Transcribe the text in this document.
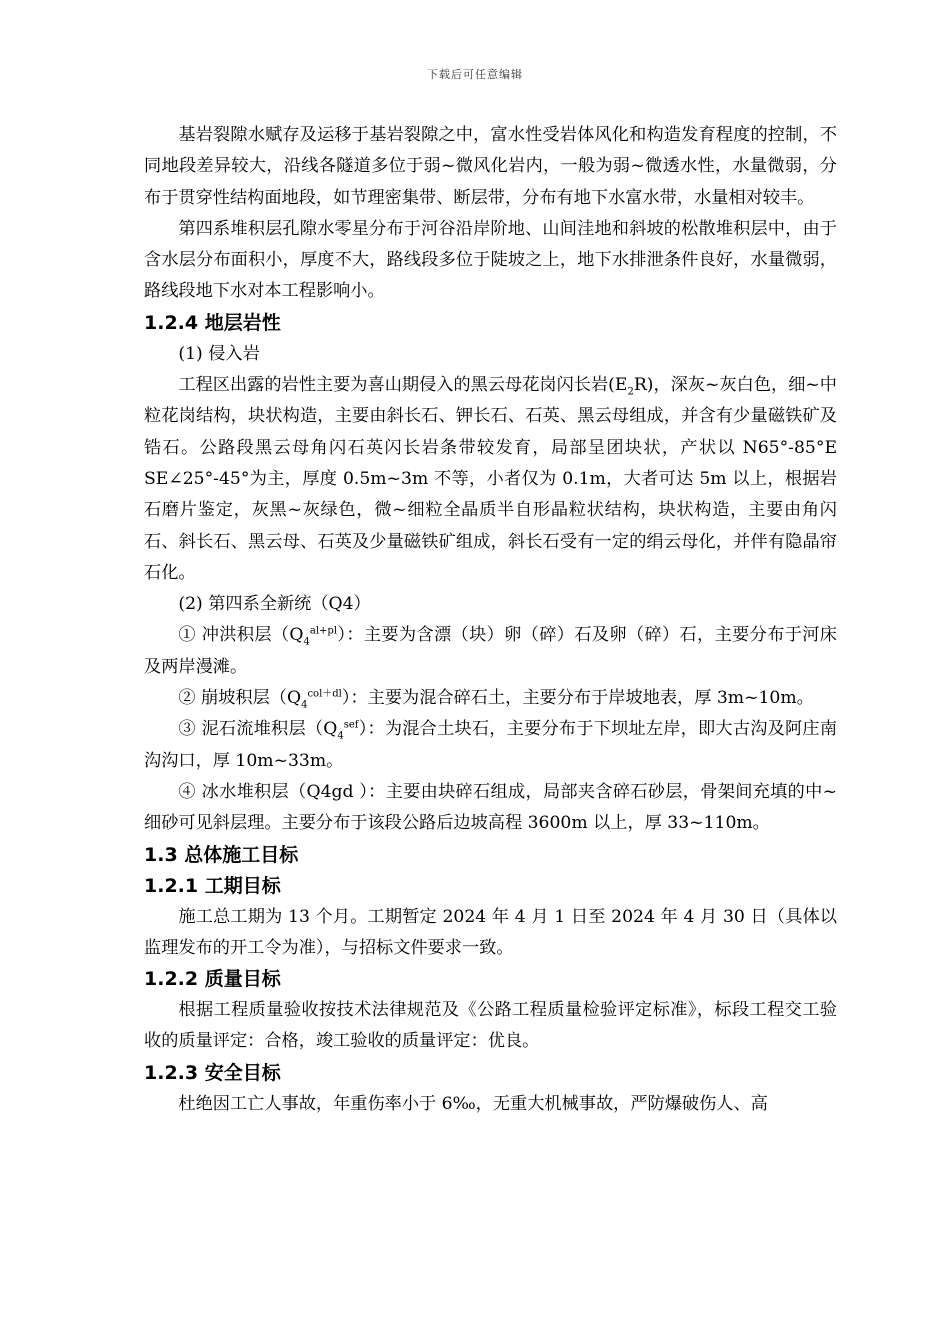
下载后可任意编辑

基岩裂隙水赋存及运移于基岩裂隙之中，富水性受岩体风化和构造发育程度的控制，不同地段差异较大，沿线各隧道多位于弱~微风化岩内，一般为弱~微透水性，水量微弱，分布于贯穿性结构面地段，如节理密集带、断层带，分布有地下水富水带，水量相对较丰。

第四系堆积层孔隙水零星分布于河谷沿岸阶地、山间洼地和斜坡的松散堆积层中，由于含水层分布面积小，厚度不大，路线段多位于陡坡之上，地下水排泄条件良好，水量微弱，路线段地下水对本工程影响小。

1.2.4 地层岩性

(1) 侵入岩

工程区出露的岩性主要为喜山期侵入的黑云母花岗闪长岩$(E_2R)$，深灰~灰白色，细~中粒花岗结构，块状构造，主要由斜长石、钾长石、石英、黑云母组成，并含有少量磁铁矿及锆石。公路段黑云母角闪石英闪长岩条带较发育，局部呈团块状，产状以 N65°-85°E SE∠25°-45°为主，厚度 0.5m~3m 不等，小者仅为 0.1m，大者可达 5m 以上，根据岩石磨片鉴定，灰黑~灰绿色，微~细粒全晶质半自形晶粒状结构，块状构造，主要由角闪石、斜长石、黑云母、石英及少量磁铁矿组成，斜长石受有一定的绢云母化，并伴有隐晶帘石化。

(2) 第四系全新统（Q4）

① 冲洪积层$(Q_4^{al+pl})$：主要为含漂（块）卵（碎）石及卵（碎）石，主要分布于河床及两岸漫滩。

② 崩坡积层$(Q_4^{col+dl})$：主要为混合碎石土，主要分布于岸坡地表，厚 3m~10m。

③ 泥石流堆积层$(Q_4^{sef})$：为混合土块石，主要分布于下坝址左岸，即大古沟及阿庄南沟沟口，厚 10m~33m。

④ 冰水堆积层（Q4gd ）：主要由块碎石组成，局部夹含碎石砂层，骨架间充填的中~细砂可见斜层理。主要分布于该段公路后边坡高程 3600m 以上，厚 33~110m。

1.3 总体施工目标
1.2.1 工期目标

施工总工期为 13 个月。工期暂定 2024 年 4 月 1 日至 2024 年 4 月 30 日（具体以监理发布的开工令为准），与招标文件要求一致。

1.2.2 质量目标

根据工程质量验收按技术法律规范及《公路工程质量检验评定标准》，标段工程交工验收的质量评定：合格，竣工验收的质量评定：优良。

1.2.3 安全目标

杜绝因工亡人事故，年重伤率小于 6‰，无重大机械事故，严防爆破伤人、高
